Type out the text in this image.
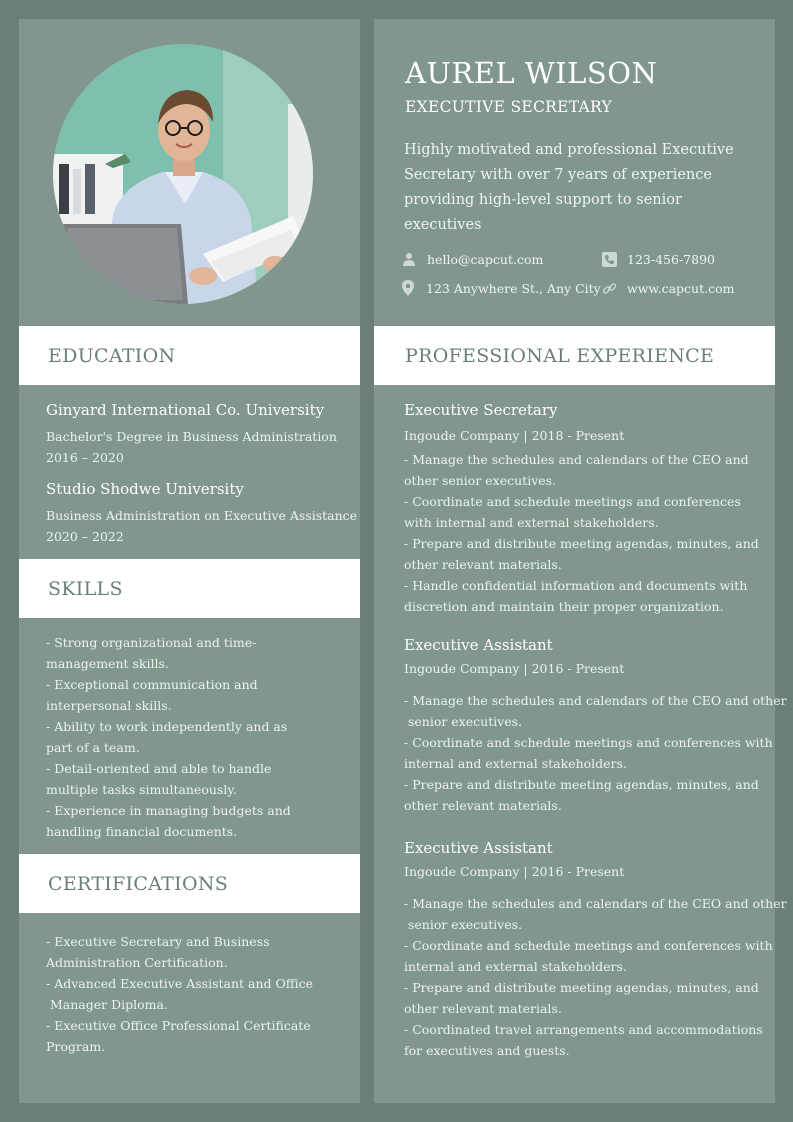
AUREL WILSON
EXECUTIVE SECRETARY
Highly motivated and professional Executive Secretary with over 7 years of experience providing high-level support to senior executives
hello@capcut.com	123-456-7890
123 Anywhere St., Any City www.capcut.com
EDUCATION
Ginyard International Co. University
Bachelor's Degree in Business Administration
2016 – 2020
Studio Shodwe University
Business Administration on Executive Assistance
2020 – 2022
SKILLS
- Strong organizational and time-
management skills.
- Exceptional communication and
interpersonal skills.
- Ability to work independently and as
part of a team.
- Detail-oriented and able to handle
multiple tasks simultaneously.
- Experience in managing budgets and
handling financial documents.
CERTIFICATIONS
- Executive Secretary and Business
Administration Certification.
- Advanced Executive Assistant and Office
Manager Diploma.
- Executive Office Professional Certificate
Program.
PROFESSIONAL EXPERIENCE
Executive Secretary
Ingoude Company | 2018 - Present
- Manage the schedules and calendars of the CEO and
other senior executives.
- Coordinate and schedule meetings and conferences
with internal and external stakeholders.
- Prepare and distribute meeting agendas, minutes, and
other relevant materials.
- Handle confidential information and documents with
discretion and maintain their proper organization.
Executive Assistant
Ingoude Company | 2016 - Present
- Manage the schedules and calendars of the CEO and other
senior executives.
- Coordinate and schedule meetings and conferences with
internal and external stakeholders.
- Prepare and distribute meeting agendas, minutes, and
other relevant materials.
Executive Assistant
Ingoude Company | 2016 - Present
- Manage the schedules and calendars of the CEO and other
senior executives.
- Coordinate and schedule meetings and conferences with
internal and external stakeholders.
- Prepare and distribute meeting agendas, minutes, and
other relevant materials.
- Coordinated travel arrangements and accommodations
for executives and guests.
